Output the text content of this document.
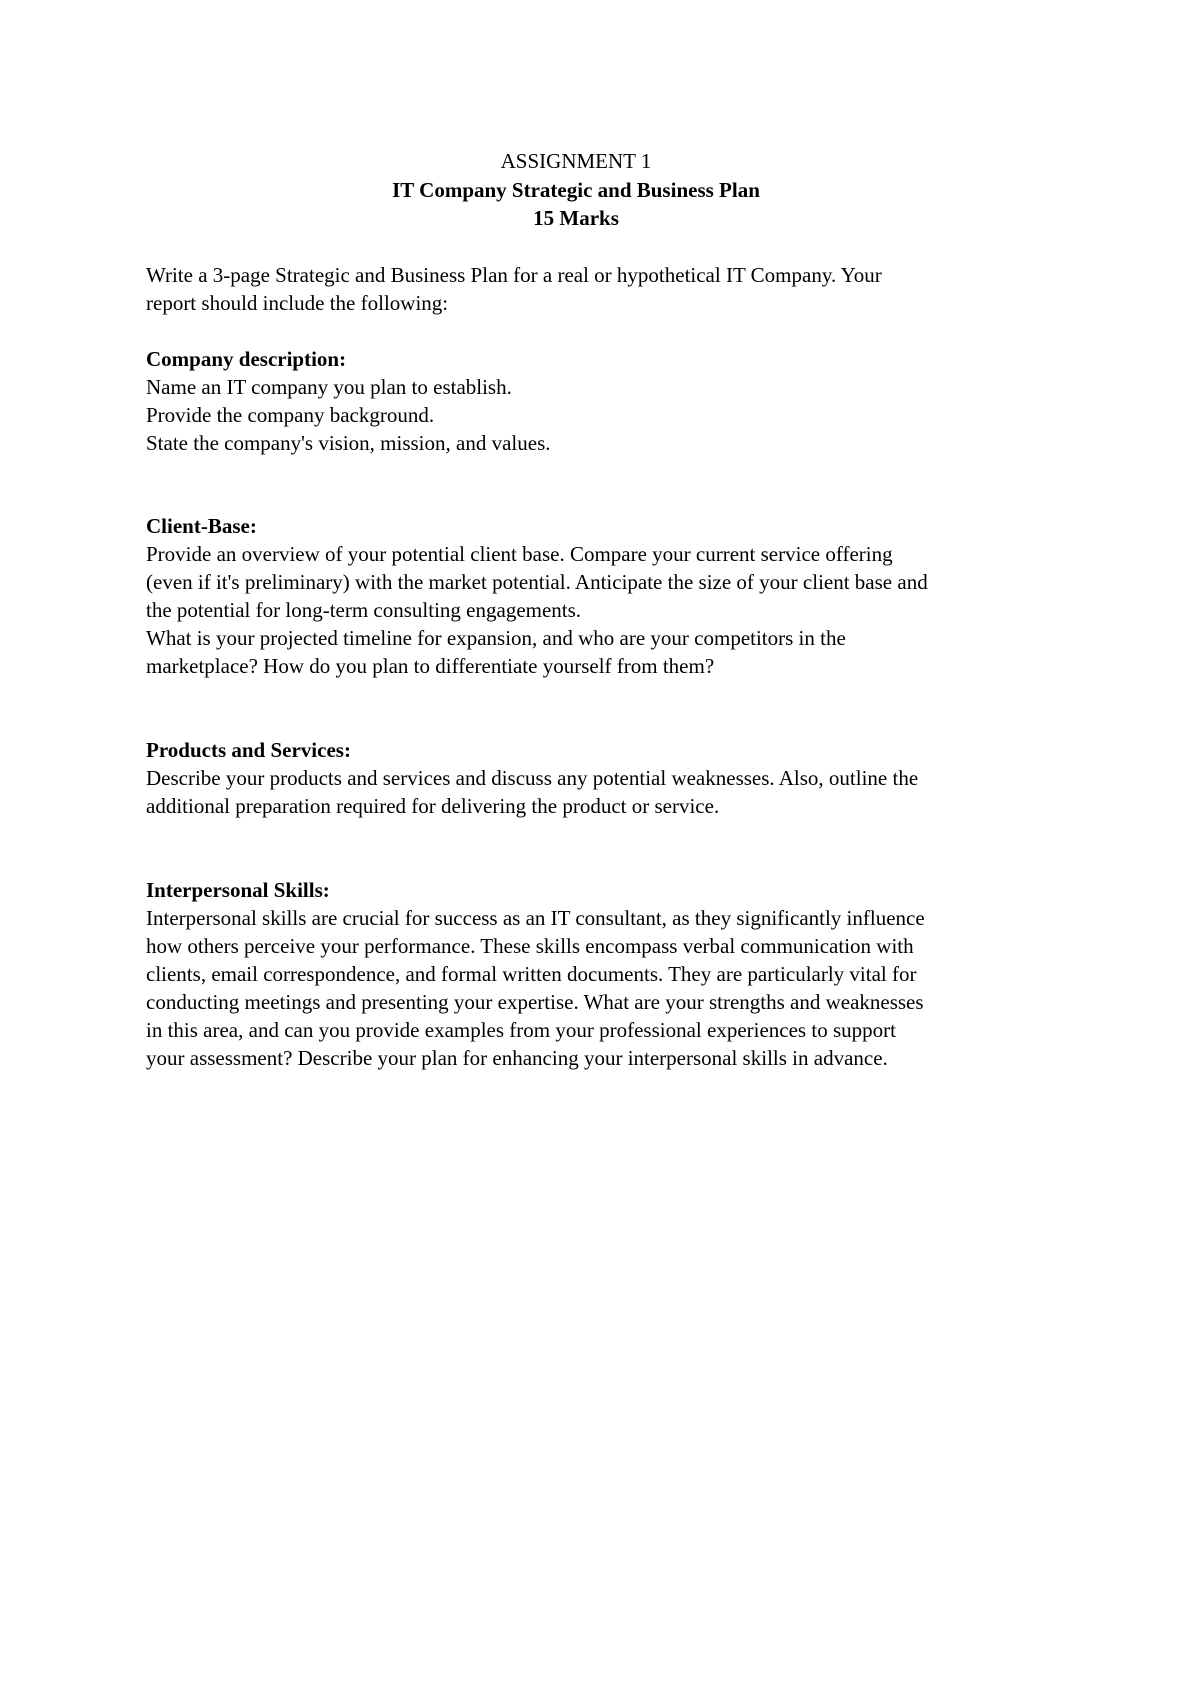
ASSIGNMENT 1
IT Company Strategic and Business Plan
15 Marks
Write a 3-page Strategic and Business Plan for a real or hypothetical IT Company. Your
report should include the following:
Company description:
Name an IT company you plan to establish.
Provide the company background.
State the company's vision, mission, and values.
Client-Base:
Provide an overview of your potential client base. Compare your current service offering
(even if it's preliminary) with the market potential. Anticipate the size of your client base and
the potential for long-term consulting engagements.
What is your projected timeline for expansion, and who are your competitors in the
marketplace? How do you plan to differentiate yourself from them?
Products and Services:
Describe your products and services and discuss any potential weaknesses. Also, outline the
additional preparation required for delivering the product or service.
Interpersonal Skills:
Interpersonal skills are crucial for success as an IT consultant, as they significantly influence
how others perceive your performance. These skills encompass verbal communication with
clients, email correspondence, and formal written documents. They are particularly vital for
conducting meetings and presenting your expertise. What are your strengths and weaknesses
in this area, and can you provide examples from your professional experiences to support
your assessment? Describe your plan for enhancing your interpersonal skills in advance.
